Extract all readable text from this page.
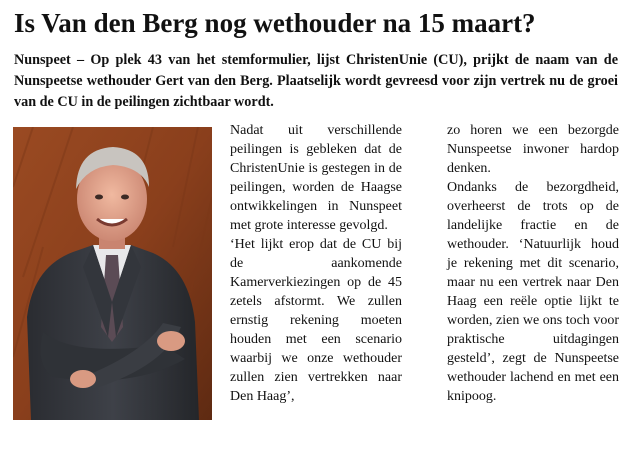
Is Van den Berg nog wethouder na 15 maart?

Nunspeet – Op plek 43 van het stemformulier, lijst ChristenUnie (CU), prijkt de naam van de Nunspeetse wethouder Gert van den Berg. Plaatselijk wordt gevreesd voor zijn vertrek nu de groei van de CU in de peilingen zichtbaar wordt.

Nadat uit verschillende peilingen is gebleken dat de ChristenUnie is gestegen in de peilingen, worden de Haagse ontwikkelingen in Nunspeet met grote interesse gevolgd.

‘Het lijkt erop dat de CU bij de aankomende Kamerverkiezingen op de 45 zetels afstormt. We zullen ernstig rekening moeten houden met een scenario waarbij we onze wethouder zullen zien vertrekken naar Den Haag’,

zo horen we een bezorgde Nunspeetse inwoner hardop denken.

Ondanks de bezorgdheid, overheerst de trots op de landelijke fractie en de wethouder. ‘Natuurlijk houd je rekening met dit scenario, maar nu een vertrek naar Den Haag een reële optie lijkt te worden, zien we ons toch voor praktische uitdagingen gesteld’, zegt de Nunspeetse wethouder lachend en met een knipoog.
